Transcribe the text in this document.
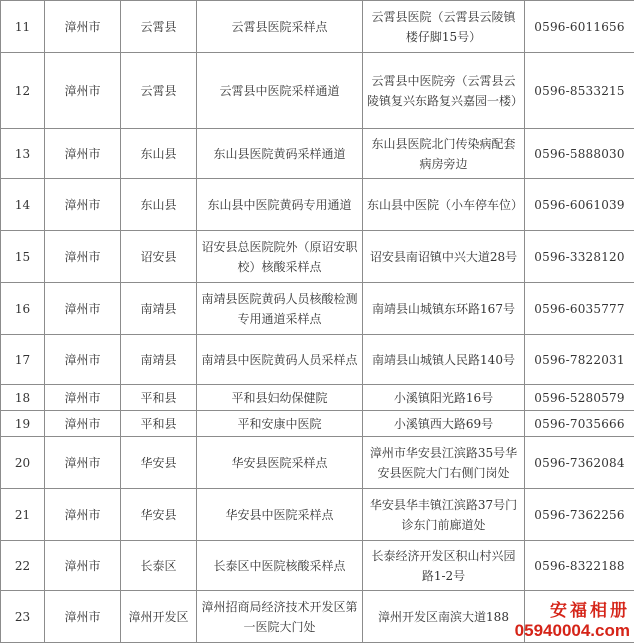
11	漳州市	云霄县	云霄县医院采样点	云霄县医院（云霄县云陵镇楼仔脚15号）	0596-6011656
12	漳州市	云霄县	云霄县中医院采样通道	云霄县中医院旁（云霄县云陵镇复兴东路复兴嘉园一楼）	0596-8533215
13	漳州市	东山县	东山县医院黄码采样通道	东山县医院北门传染病配套病房旁边	0596-5888030
14	漳州市	东山县	东山县中医院黄码专用通道	东山县中医院（小车停车位）	0596-6061039
15	漳州市	诏安县	诏安县总医院院外（原诏安职校）核酸采样点	诏安县南诏镇中兴大道28号	0596-3328120
16	漳州市	南靖县	南靖县医院黄码人员核酸检测专用通道采样点	南靖县山城镇东环路167号	0596-6035777
17	漳州市	南靖县	南靖县中医院黄码人员采样点	南靖县山城镇人民路140号	0596-7822031
18	漳州市	平和县	平和县妇幼保健院	小溪镇阳光路16号	0596-5280579
19	漳州市	平和县	平和安康中医院	小溪镇西大路69号	0596-7035666
20	漳州市	华安县	华安县医院采样点	漳州市华安县江滨路35号华安县医院大门右侧门岗处	0596-7362084
21	漳州市	华安县	华安县中医院采样点	华安县华丰镇江滨路37号门诊东门前廊道处	0596-7362256
22	漳州市	长泰区	长泰区中医院核酸采样点	长泰经济开发区积山村兴园路1-2号	0596-8322188
23	漳州市	漳州开发区	漳州招商局经济技术开发区第一医院大门处	漳州开发区南滨大道188		安福相册
05940004.com
